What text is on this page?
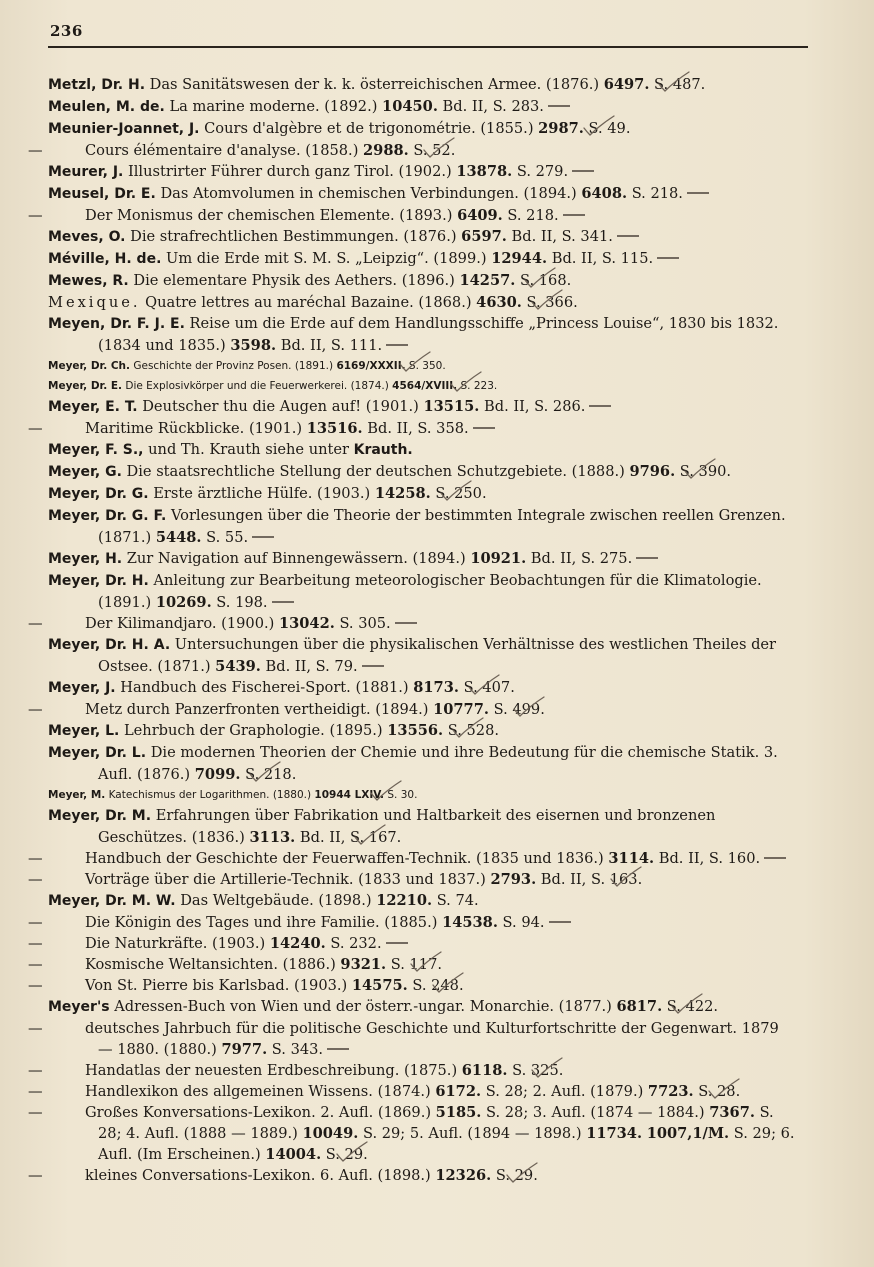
236

Metzl, Dr. H. Das Sanitätswesen der k. k. österreichischen Armee. (1876.) 6497. S. 487.

Meulen, M. de. La marine moderne. (1892.) 10450. Bd. II, S. 283.

Meunier-Joannet, J. Cours d'algèbre et de trigonométrie. (1855.) 2987. S. 49.

—	Cours élémentaire d'analyse. (1858.) 2988. S. 52.

Meurer, J. Illustrirter Führer durch ganz Tirol. (1902.) 13878. S. 279.

Meusel, Dr. E. Das Atomvolumen in chemischen Verbindungen. (1894.) 6408. S. 218.

—	Der Monismus der chemischen Elemente. (1893.) 6409. S. 218.

Meves, O. Die strafrechtlichen Bestimmungen. (1876.) 6597. Bd. II, S. 341.

Méville, H. de. Um die Erde mit S. M. S. „Leipzig“. (1899.) 12944. Bd. II, S. 115.

Mewes, R. Die elementare Physik des Aethers. (1896.) 14257. S. 168.

Mexique. Quatre lettres au maréchal Bazaine. (1868.) 4630. S. 366.

Meyen, Dr. F. J. E. Reise um die Erde auf dem Handlungsschiffe „Princess Louise“, 1830 bis 1832. (1834 und 1835.) 3598. Bd. II, S. 111.

Meyer, Dr. Ch. Geschichte der Provinz Posen. (1891.) 6169/XXXII. S. 350.

Meyer, Dr. E. Die Explosivkörper und die Feuerwerkerei. (1874.) 4564/XVIII. S. 223.

Meyer, E. T. Deutscher thu die Augen auf! (1901.) 13515. Bd. II, S. 286.

—	Maritime Rückblicke. (1901.) 13516. Bd. II, S. 358.

Meyer, F. S., und Th. Krauth siehe unter Krauth.

Meyer, G. Die staatsrechtliche Stellung der deutschen Schutzgebiete. (1888.) 9796. S. 390.

Meyer, Dr. G. Erste ärztliche Hülfe. (1903.) 14258. S. 250.

Meyer, Dr. G. F. Vorlesungen über die Theorie der bestimmten Integrale zwischen reellen Grenzen. (1871.) 5448. S. 55.

Meyer, H. Zur Navigation auf Binnengewässern. (1894.) 10921. Bd. II, S. 275.

Meyer, Dr. H. Anleitung zur Bearbeitung meteorologischer Beobachtungen für die Klimatologie. (1891.) 10269. S. 198.

—	Der Kilimandjaro. (1900.) 13042. S. 305.

Meyer, Dr. H. A. Untersuchungen über die physikalischen Verhältnisse des westlichen Theiles der Ostsee. (1871.) 5439. Bd. II, S. 79.

Meyer, J. Handbuch des Fischerei-Sport. (1881.) 8173. S. 407.

—	Metz durch Panzerfronten vertheidigt. (1894.) 10777. S. 499.

Meyer, L. Lehrbuch der Graphologie. (1895.) 13556. S. 528.

Meyer, Dr. L. Die modernen Theorien der Chemie und ihre Bedeutung für die chemische Statik. 3. Aufl. (1876.) 7099. S. 218.

Meyer, M. Katechismus der Logarithmen. (1880.) 10944 LXIV. S. 30.

Meyer, Dr. M. Erfahrungen über Fabrikation und Haltbarkeit des eisernen und bronzenen Geschützes. (1836.) 3113. Bd. II, S. 167.

—	Handbuch der Geschichte der Feuerwaffen-Technik. (1835 und 1836.) 3114. Bd. II, S. 160.

—	Vorträge über die Artillerie-Technik. (1833 und 1837.) 2793. Bd. II, S. 163.

Meyer, Dr. M. W. Das Weltgebäude. (1898.) 12210. S. 74.

—	Die Königin des Tages und ihre Familie. (1885.) 14538. S. 94.

—	Die Naturkräfte. (1903.) 14240. S. 232.

—	Kosmische Weltansichten. (1886.) 9321. S. 117.

—	Von St. Pierre bis Karlsbad. (1903.) 14575. S. 248.

Meyer's Adressen-Buch von Wien und der österr.-ungar. Monarchie. (1877.) 6817. S. 422.

—	deutsches Jahrbuch für die politische Geschichte und Kulturfortschritte der Gegenwart. 1879 — 1880. (1880.) 7977. S. 343.

—	Handatlas der neuesten Erdbeschreibung. (1875.) 6118. S. 325.

—	Handlexikon des allgemeinen Wissens. (1874.) 6172. S. 28; 2. Aufl. (1879.) 7723. S. 28.

—	Großes Konversations-Lexikon. 2. Aufl. (1869.) 5185. S. 28; 3. Aufl. (1874 — 1884.) 7367. S. 28; 4. Aufl. (1888 — 1889.) 10049. S. 29; 5. Aufl. (1894 — 1898.) 11734. 1007,1/M. S. 29; 6. Aufl. (Im Erscheinen.) 14004. S. 29.

—	kleines Conversations-Lexikon. 6. Aufl. (1898.) 12326. S. 29.
